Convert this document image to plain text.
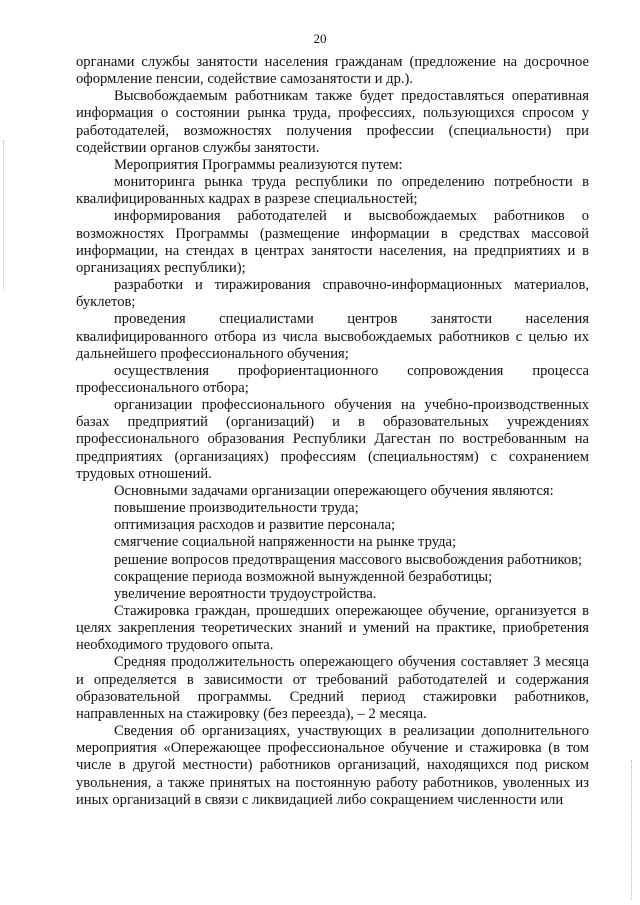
20

органами службы занятости населения гражданам (предложение на досрочное оформление пенсии, содействие самозанятости и др.).

Высвобождаемым работникам также будет предоставляться оперативная информация о состоянии рынка труда, профессиях, пользующихся спросом у работодателей, возможностях получения профессии (специальности) при содействии органов службы занятости.

Мероприятия Программы реализуются путем:

мониторинга рынка труда республики по определению потребности в квалифицированных кадрах в разрезе специальностей;

информирования работодателей и высвобождаемых работников о возможностях Программы (размещение информации в средствах массовой информации, на стендах в центрах занятости населения, на предприятиях и в организациях республики);

разработки и тиражирования справочно-информационных материалов, буклетов;

проведения специалистами центров занятости населения квалифицированного отбора из числа высвобождаемых работников с целью их дальнейшего профессионального обучения;

осуществления профориентационного сопровождения процесса профессионального отбора;

организации профессионального обучения на учебно-производственных базах предприятий (организаций) и в образовательных учреждениях профессионального образования Республики Дагестан по востребованным на предприятиях (организациях) профессиям (специальностям) с сохранением трудовых отношений.

Основными задачами организации опережающего обучения являются:

повышение производительности труда;

оптимизация расходов и развитие персонала;

смягчение социальной напряженности на рынке труда;

решение вопросов предотвращения массового высвобождения работников;

сокращение периода возможной вынужденной безработицы;

увеличение вероятности трудоустройства.

Стажировка граждан, прошедших опережающее обучение, организуется в целях закрепления теоретических знаний и умений на практике, приобретения необходимого трудового опыта.

Средняя продолжительность опережающего обучения составляет 3 месяца и определяется в зависимости от требований работодателей и содержания образовательной программы. Средний период стажировки работников, направленных на стажировку (без переезда), – 2 месяца.

Сведения об организациях, участвующих в реализации дополнительного мероприятия «Опережающее профессиональное обучение и стажировка (в том числе в другой местности) работников организаций, находящихся под риском увольнения, а также принятых на постоянную работу работников, уволенных из иных организаций в связи с ликвидацией либо сокращением численности или
